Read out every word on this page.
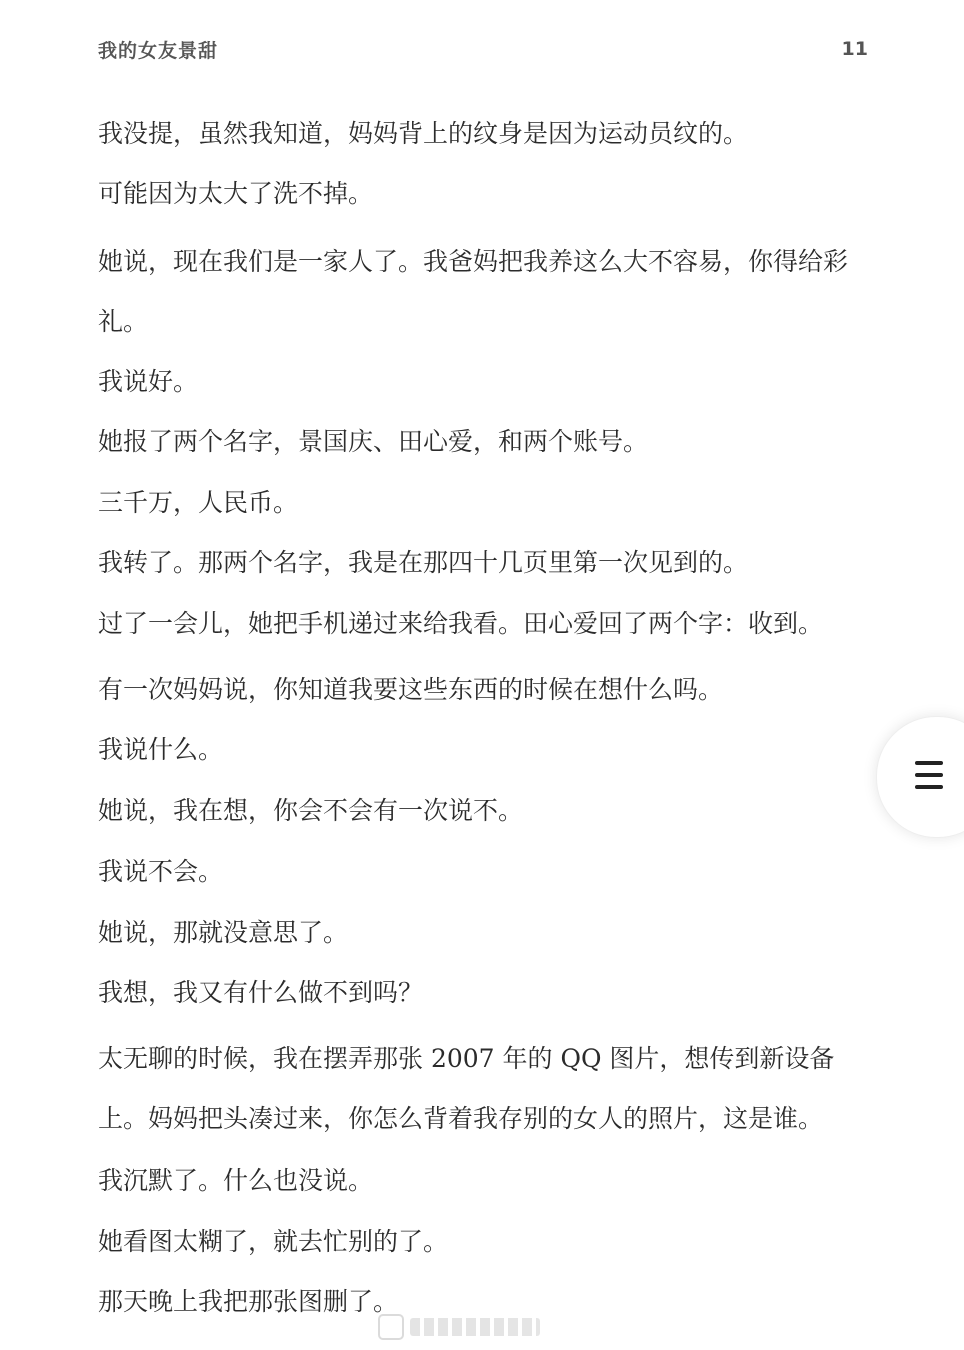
我的女友景甜	11

我没提，虽然我知道，妈妈背上的纹身是因为运动员纹的。

可能因为太大了洗不掉。

她说，现在我们是一家人了。我爸妈把我养这么大不容易，你得给彩礼。

我说好。

她报了两个名字，景国庆、田心爱，和两个账号。

三千万，人民币。

我转了。那两个名字，我是在那四十几页里第一次见到的。

过了一会儿，她把手机递过来给我看。田心爱回了两个字：收到。

有一次妈妈说，你知道我要这些东西的时候在想什么吗。

我说什么。

她说，我在想，你会不会有一次说不。

我说不会。

她说，那就没意思了。

我想，我又有什么做不到吗？

太无聊的时候，我在摆弄那张 2007 年的 QQ 图片，想传到新设备上。妈妈把头凑过来，你怎么背着我存别的女人的照片，这是谁。

我沉默了。什么也没说。

她看图太糊了，就去忙别的了。

那天晚上我把那张图删了。
